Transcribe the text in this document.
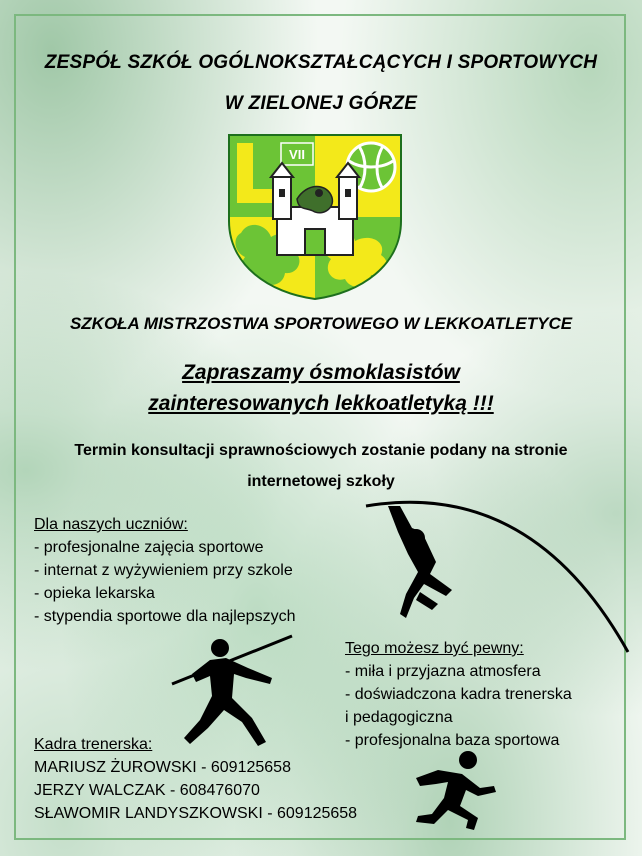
ZESPÓŁ SZKÓŁ OGÓLNOKSZTAŁCĄCYCH I SPORTOWYCH
W ZIELONEJ GÓRZE
VII
SZKOŁA MISTRZOSTWA SPORTOWEGO W LEKKOATLETYCE
Zapraszamy ósmoklasistów
zainteresowanych lekkoatletyką !!!
Termin konsultacji sprawnościowych zostanie podany na stronie
internetowej szkoły
Dla naszych uczniów:
- profesjonalne zajęcia sportowe
- internat z wyżywieniem przy szkole
- opieka lekarska
- stypendia sportowe dla najlepszych
Tego możesz być pewny:
- miła i przyjazna atmosfera
- doświadczona kadra trenerska
i pedagogiczna
- profesjonalna baza sportowa
Kadra trenerska:
MARIUSZ ŻUROWSKI - 609125658
JERZY WALCZAK - 608476070
SŁAWOMIR LANDYSZKOWSKI - 609125658
